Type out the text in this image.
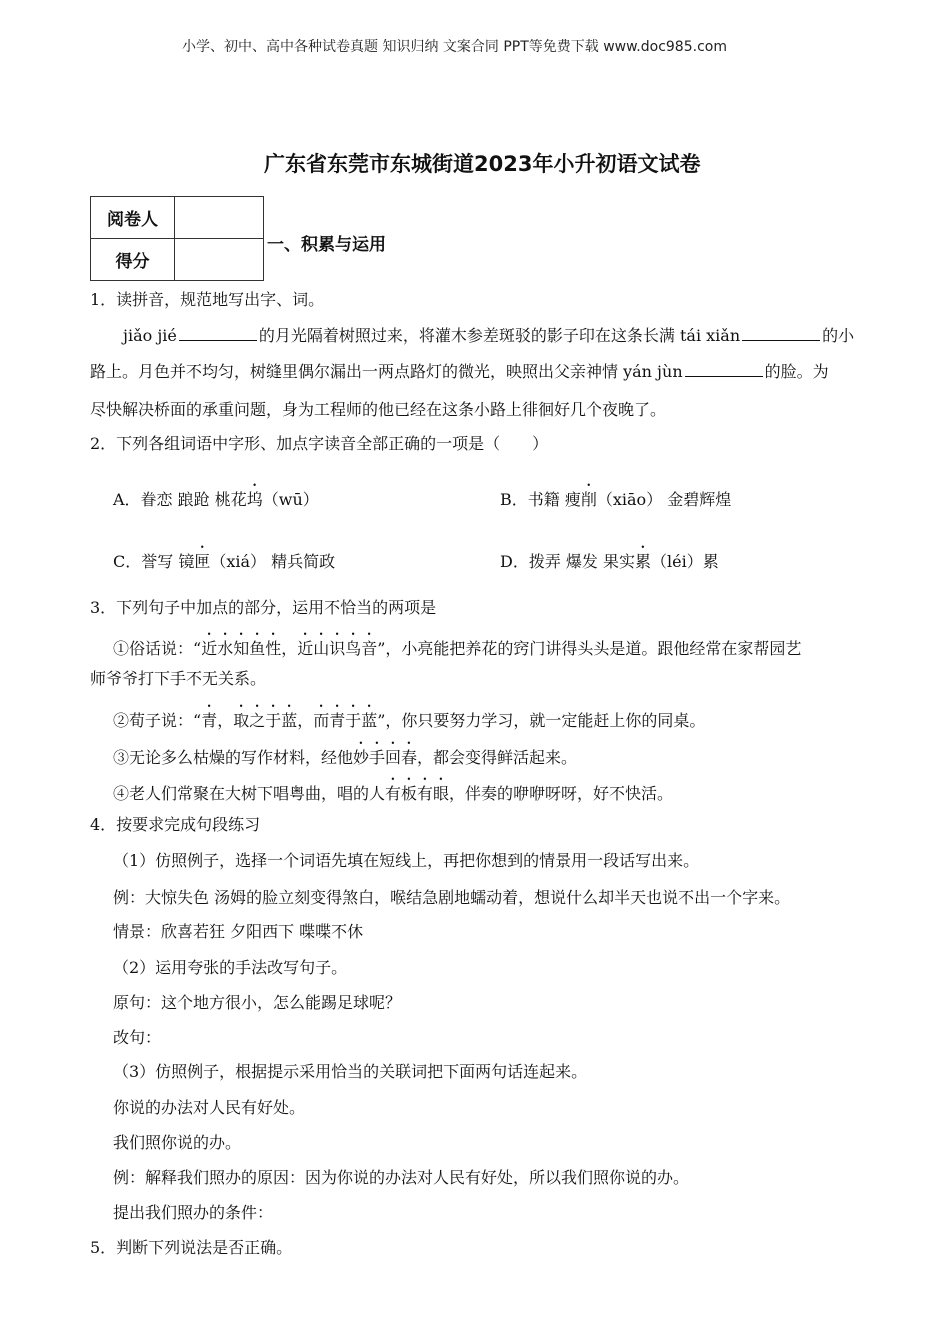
小学、初中、高中各种试卷真题 知识归纳 文案合同 PPT等免费下载 www.doc985.com
广东省东莞市东城街道2023年小升初语文试卷
阅卷人	
得分	
一、积累与运用
1．读拼音，规范地写出字、词。
jiǎo jié	的月光隔着树照过来，将灌木参差斑驳的影子印在这条长满 tái xiǎn	的小
路上。月色并不均匀，树缝里偶尔漏出一两点路灯的微光，映照出父亲神情 yán jùn	的脸。为
尽快解决桥面的承重问题，身为工程师的他已经在这条小路上徘徊好几个夜晚了。
2．下列各组词语中字形、加点字读音全部正确的一项是（　　）
A．眷恋 踉跄 桃花坞（wū）	B．书籍 瘦削（xiāo） 金碧辉煌
C．誉写 镜匣（xiá） 精兵简政	D．拨弄 爆发 果实累（léi）累
3．下列句子中加点的部分，运用不恰当的两项是
①俗话说：“近水知鱼性，近山识鸟音”，小亮能把养花的窍门讲得头头是道。跟他经常在家帮园艺
师爷爷打下手不无关系。
②荀子说：“青，取之于蓝，而青于蓝”，你只要努力学习，就一定能赶上你的同桌。
③无论多么枯燥的写作材料，经他妙手回春，都会变得鲜活起来。
④老人们常聚在大树下唱粤曲，唱的人有板有眼，伴奏的咿咿呀呀，好不快活。
4．按要求完成句段练习
（1）仿照例子，选择一个词语先填在短线上，再把你想到的情景用一段话写出来。
例：大惊失色 汤姆的脸立刻变得煞白，喉结急剧地蠕动着，想说什么却半天也说不出一个字来。
情景：欣喜若狂 夕阳西下 喋喋不休
（2）运用夸张的手法改写句子。
原句：这个地方很小，怎么能踢足球呢？
改句：
（3）仿照例子，根据提示采用恰当的关联词把下面两句话连起来。
你说的办法对人民有好处。
我们照你说的办。
例：解释我们照办的原因：因为你说的办法对人民有好处，所以我们照你说的办。
提出我们照办的条件：
5．判断下列说法是否正确。
